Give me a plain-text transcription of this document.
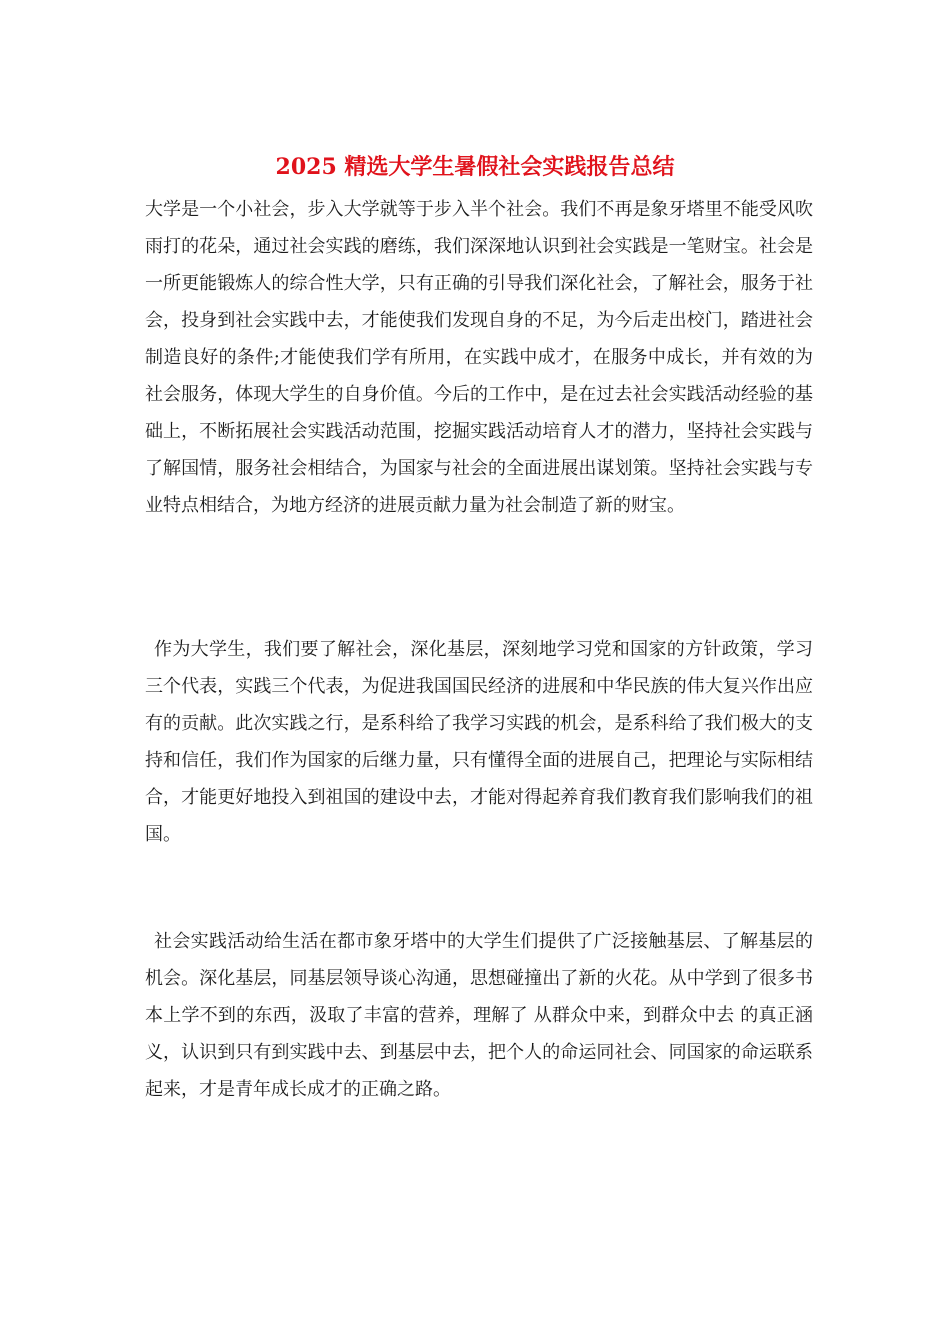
2025 精选大学生暑假社会实践报告总结

大学是一个小社会，步入大学就等于步入半个社会。我们不再是象牙塔里不能受风吹雨打的花朵，通过社会实践的磨练，我们深深地认识到社会实践是一笔财宝。社会是一所更能锻炼人的综合性大学，只有正确的引导我们深化社会，了解社会，服务于社会，投身到社会实践中去，才能使我们发现自身的不足，为今后走出校门，踏进社会制造良好的条件;才能使我们学有所用，在实践中成才，在服务中成长，并有效的为社会服务，体现大学生的自身价值。今后的工作中，是在过去社会实践活动经验的基础上，不断拓展社会实践活动范围，挖掘实践活动培育人才的潜力，坚持社会实践与了解国情，服务社会相结合，为国家与社会的全面进展出谋划策。坚持社会实践与专业特点相结合，为地方经济的进展贡献力量为社会制造了新的财宝。

作为大学生，我们要了解社会，深化基层，深刻地学习党和国家的方针政策，学习三个代表，实践三个代表，为促进我国国民经济的进展和中华民族的伟大复兴作出应有的贡献。此次实践之行，是系科给了我学习实践的机会，是系科给了我们极大的支持和信任，我们作为国家的后继力量，只有懂得全面的进展自己，把理论与实际相结合，才能更好地投入到祖国的建设中去，才能对得起养育我们教育我们影响我们的祖国。

社会实践活动给生活在都市象牙塔中的大学生们提供了广泛接触基层、了解基层的机会。深化基层，同基层领导谈心沟通，思想碰撞出了新的火花。从中学到了很多书本上学不到的东西，汲取了丰富的营养，理解了 从群众中来，到群众中去 的真正涵义，认识到只有到实践中去、到基层中去，把个人的命运同社会、同国家的命运联系起来，才是青年成长成才的正确之路。
